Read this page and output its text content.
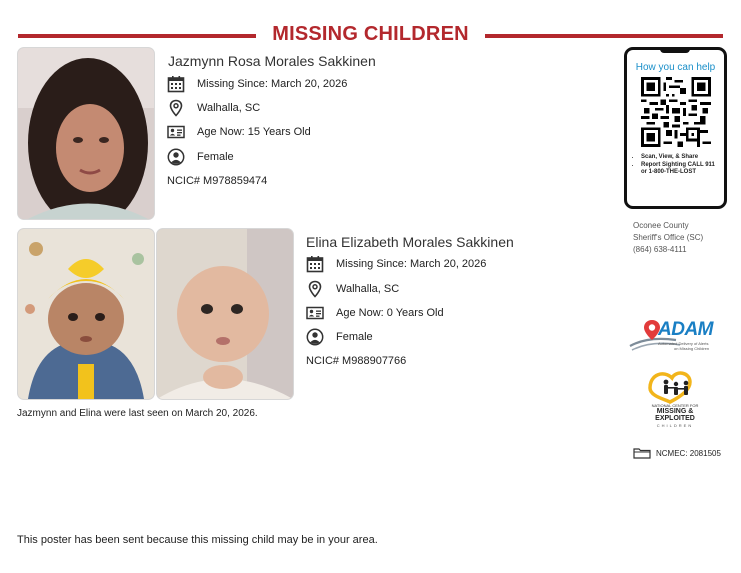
MISSING CHILDREN
Jazmynn Rosa Morales Sakkinen
Missing Since: March 20, 2026
Walhalla, SC
Age Now: 15 Years Old
Female
NCIC# M978859474
Elina Elizabeth Morales Sakkinen
Missing Since: March 20, 2026
Walhalla, SC
Age Now: 0 Years Old
Female
NCIC# M988907766
Jazmynn and Elina were last seen on March 20, 2026.
This poster has been sent because this missing child may be in your area.
How you can help
• Scan, View, & Share
• Report Sighting CALL 911 or 1-800-THE-LOST
Oconee County
Sheriff's Office (SC)
(864) 638-4111
ADAM
Automated Delivery of Alerts
on Missing Children
NATIONAL CENTER FOR
MISSING &
EXPLOITED
CHILDREN
NCMEC: 2081505
